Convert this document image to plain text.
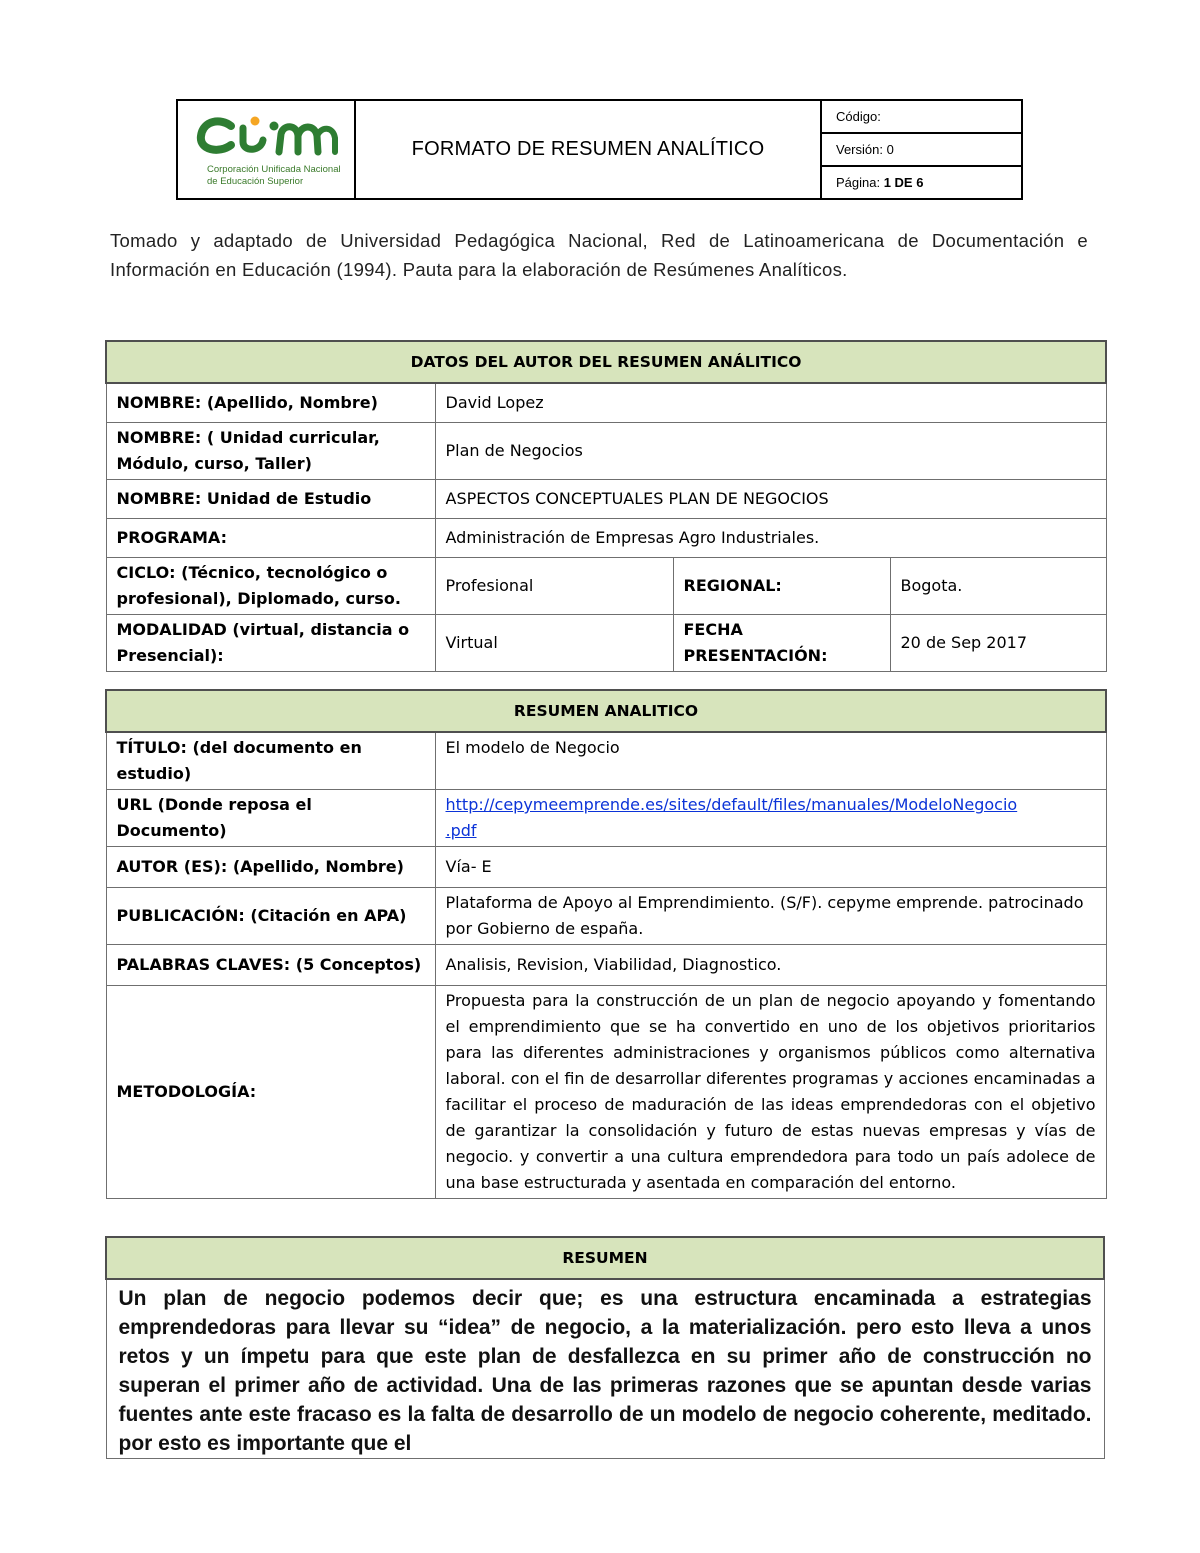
Corporación Unificada Nacional
de Educación Superior
	FORMATO DE RESUMEN ANALÍTICO	Código:
Versión: 0
Página: 1 DE 6
Tomado y adaptado de Universidad Pedagógica Nacional, Red de Latinoamericana de Documentación e Información en Educación (1994). Pauta para la elaboración de Resúmenes Analíticos.
DATOS DEL AUTOR DEL RESUMEN ANÁLITICO			
NOMBRE: (Apellido, Nombre)	David Lopez		
NOMBRE: ( Unidad curricular, Módulo, curso, Taller)	Plan de Negocios		
NOMBRE: Unidad de Estudio	ASPECTOS CONCEPTUALES PLAN DE NEGOCIOS		
PROGRAMA:	Administración de Empresas Agro Industriales.		
CICLO: (Técnico, tecnológico o profesional), Diplomado, curso.	Profesional	REGIONAL:	Bogota.
MODALIDAD (virtual, distancia o Presencial):	Virtual	FECHA PRESENTACIÓN:	20 de Sep 2017
RESUMEN ANALITICO	
TÍTULO: (del documento en estudio)	El modelo de Negocio
URL (Donde reposa el Documento)	http://cepymeemprende.es/sites/default/files/manuales/ModeloNegocio
.pdf
AUTOR (ES): (Apellido, Nombre)	Vía- E
PUBLICACIÓN: (Citación en APA)	Plataforma de Apoyo al Emprendimiento. (S/F). cepyme emprende. patrocinado por Gobierno de españa.
PALABRAS CLAVES: (5 Conceptos)	Analisis, Revision, Viabilidad, Diagnostico.
METODOLOGÍA:	Propuesta para la construcción de un plan de negocio apoyando y fomentando el emprendimiento que se ha convertido en uno de los objetivos prioritarios para las diferentes administraciones y organismos públicos como alternativa laboral. con el fin de desarrollar diferentes programas y acciones encaminadas a facilitar el proceso de maduración de las ideas emprendedoras con el objetivo de garantizar la consolidación y futuro de estas nuevas empresas y vías de negocio. y convertir a una cultura emprendedora para todo un país adolece de una base estructurada y asentada en comparación del entorno.
RESUMEN
Un plan de negocio podemos decir que; es una estructura encaminada a estrategias emprendedoras para llevar su “idea” de negocio, a la materialización. pero esto lleva a unos retos y un ímpetu para que este plan de desfallezca en su primer año de construcción no superan el primer año de actividad. Una de las primeras razones que se apuntan desde varias fuentes ante este fracaso es la falta de desarrollo de un modelo de negocio coherente, meditado. por esto es importante que el
